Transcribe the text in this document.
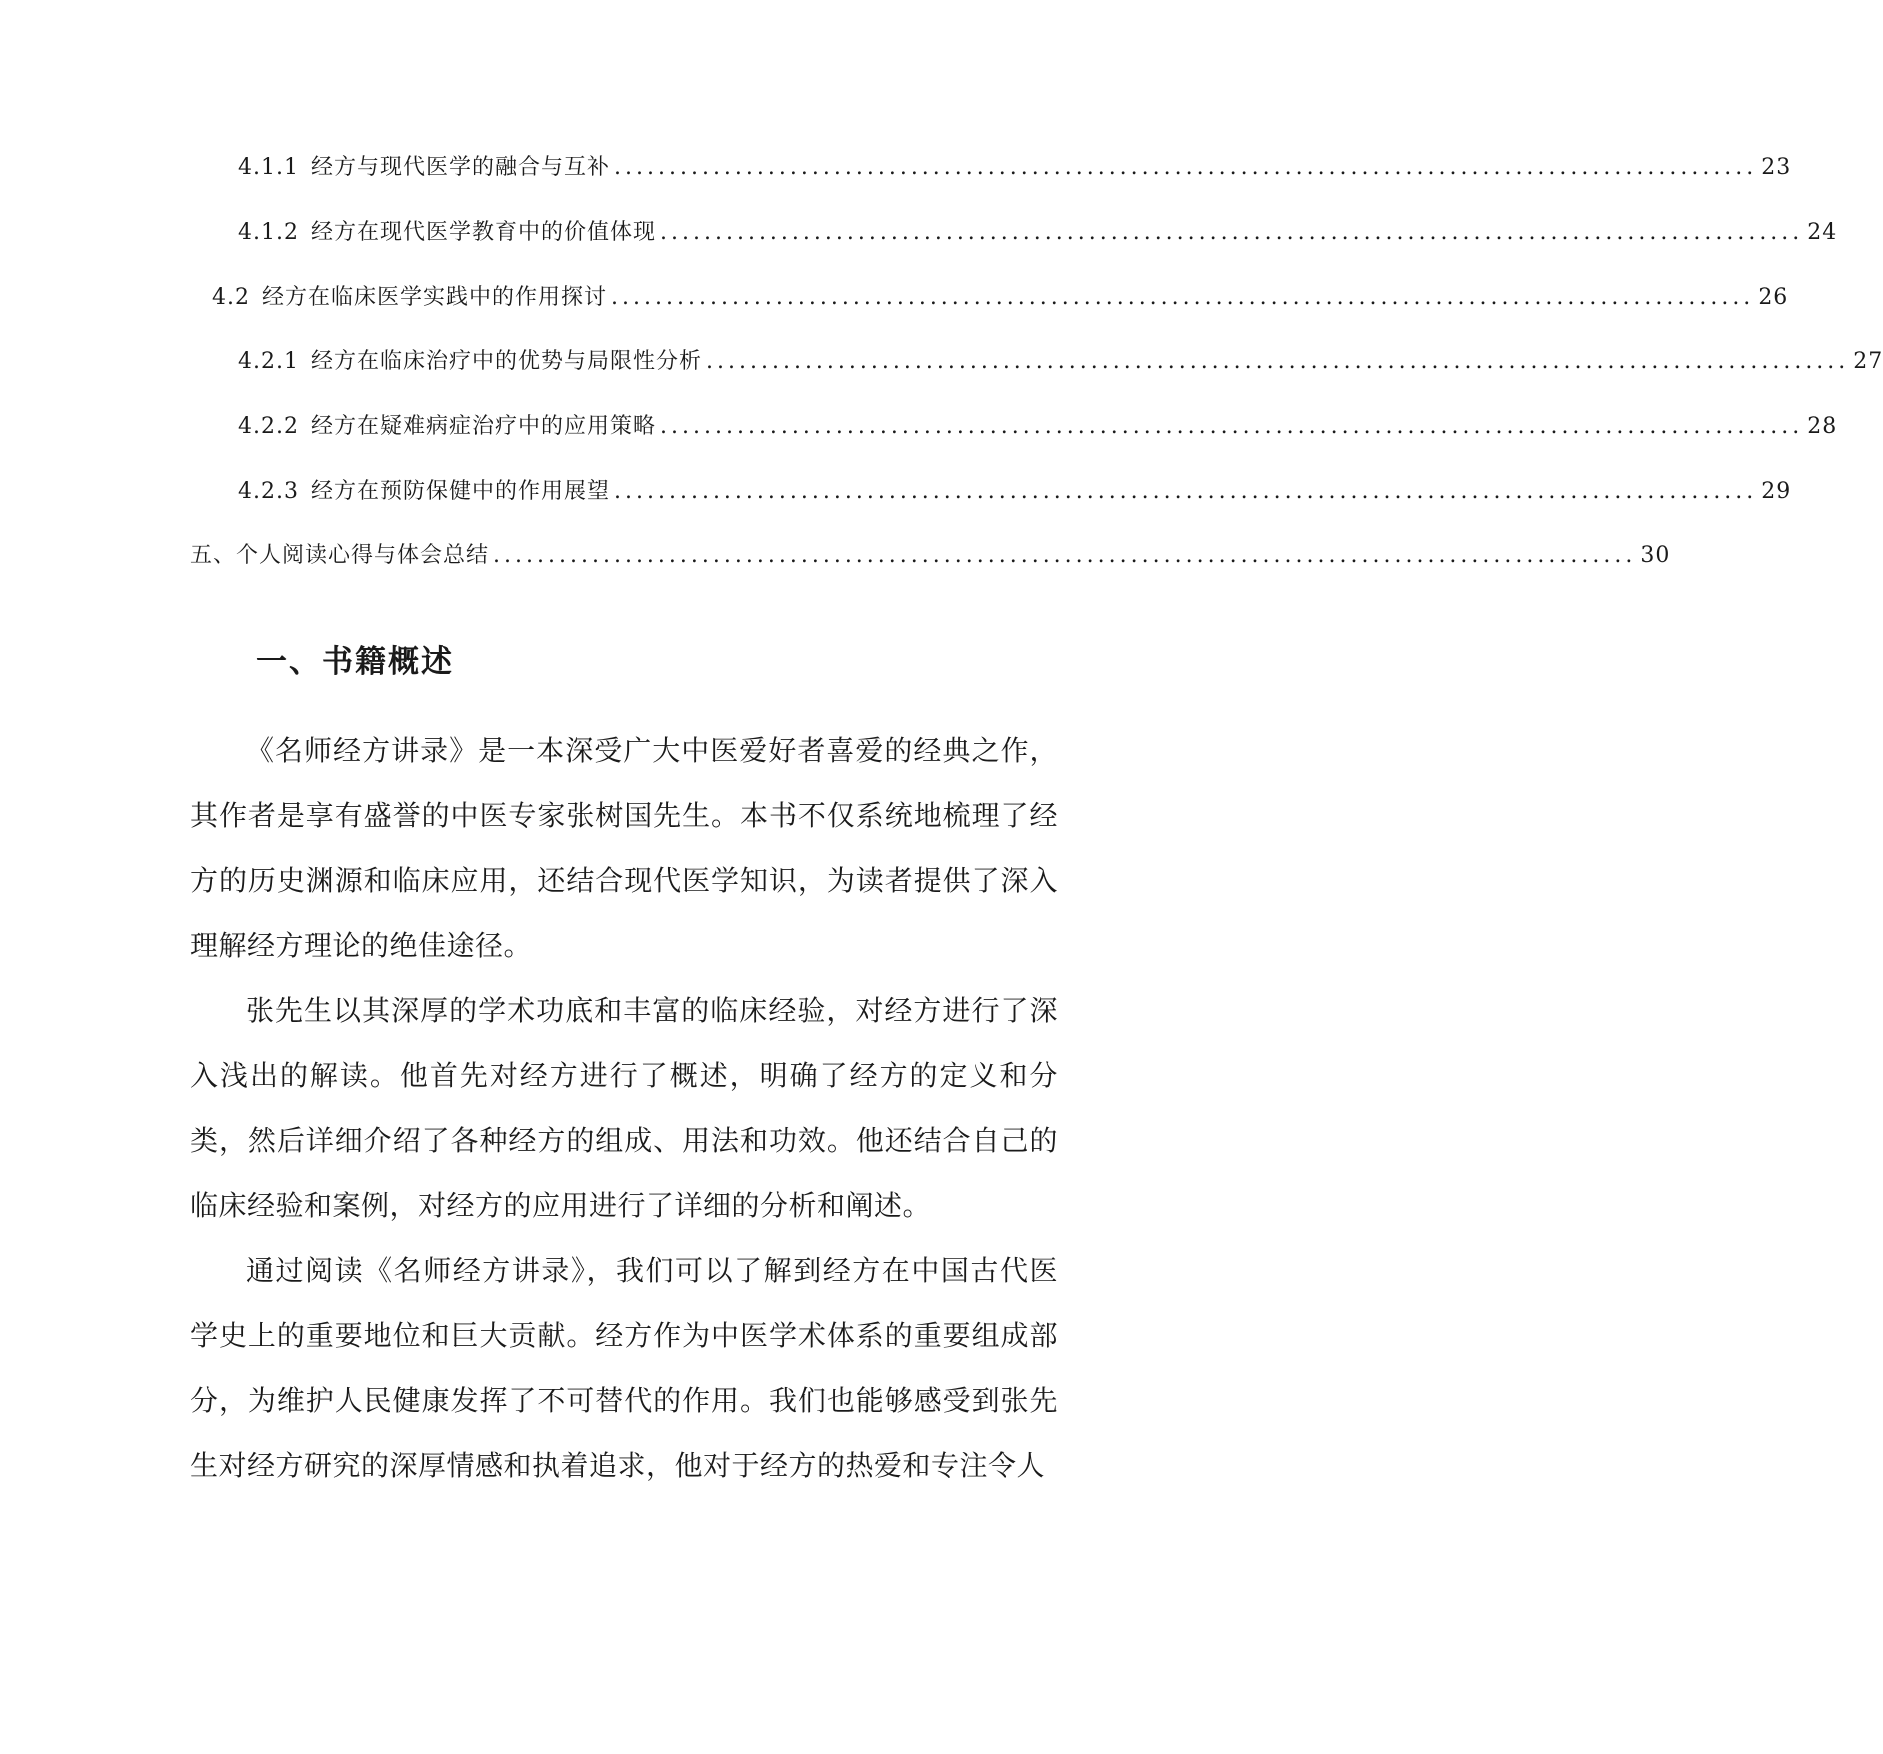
4.1.1 经方与现代医学的融合与互补 ........................................................................................................ 23
4.1.2 经方在现代医学教育中的价值体现 ........................................................................................................ 24
4.2 经方在临床医学实践中的作用探讨 ........................................................................................................ 26
4.2.1 经方在临床治疗中的优势与局限性分析 ........................................................................................................ 27
4.2.2 经方在疑难病症治疗中的应用策略 ........................................................................................................ 28
4.2.3 经方在预防保健中的作用展望 ........................................................................................................ 29
五、 个人阅读心得与体会总结 ........................................................................................................ 30
一、书籍概述

《名师经方讲录》是一本深受广大中医爱好者喜爱的经典之作，其作者是享有盛誉的中医专家张树国先生。本书不仅系统地梳理了经方的历史渊源和临床应用，还结合现代医学知识，为读者提供了深入理解经方理论的绝佳途径。

张先生以其深厚的学术功底和丰富的临床经验，对经方进行了深入浅出的解读。他首先对经方进行了概述，明确了经方的定义和分类，然后详细介绍了各种经方的组成、用法和功效。他还结合自己的临床经验和案例，对经方的应用进行了详细的分析和阐述。

通过阅读《名师经方讲录》，我们可以了解到经方在中国古代医学史上的重要地位和巨大贡献。经方作为中医学术体系的重要组成部分，为维护人民健康发挥了不可替代的作用。我们也能够感受到张先生对经方研究的深厚情感和执着追求，他对于经方的热爱和专注令人
